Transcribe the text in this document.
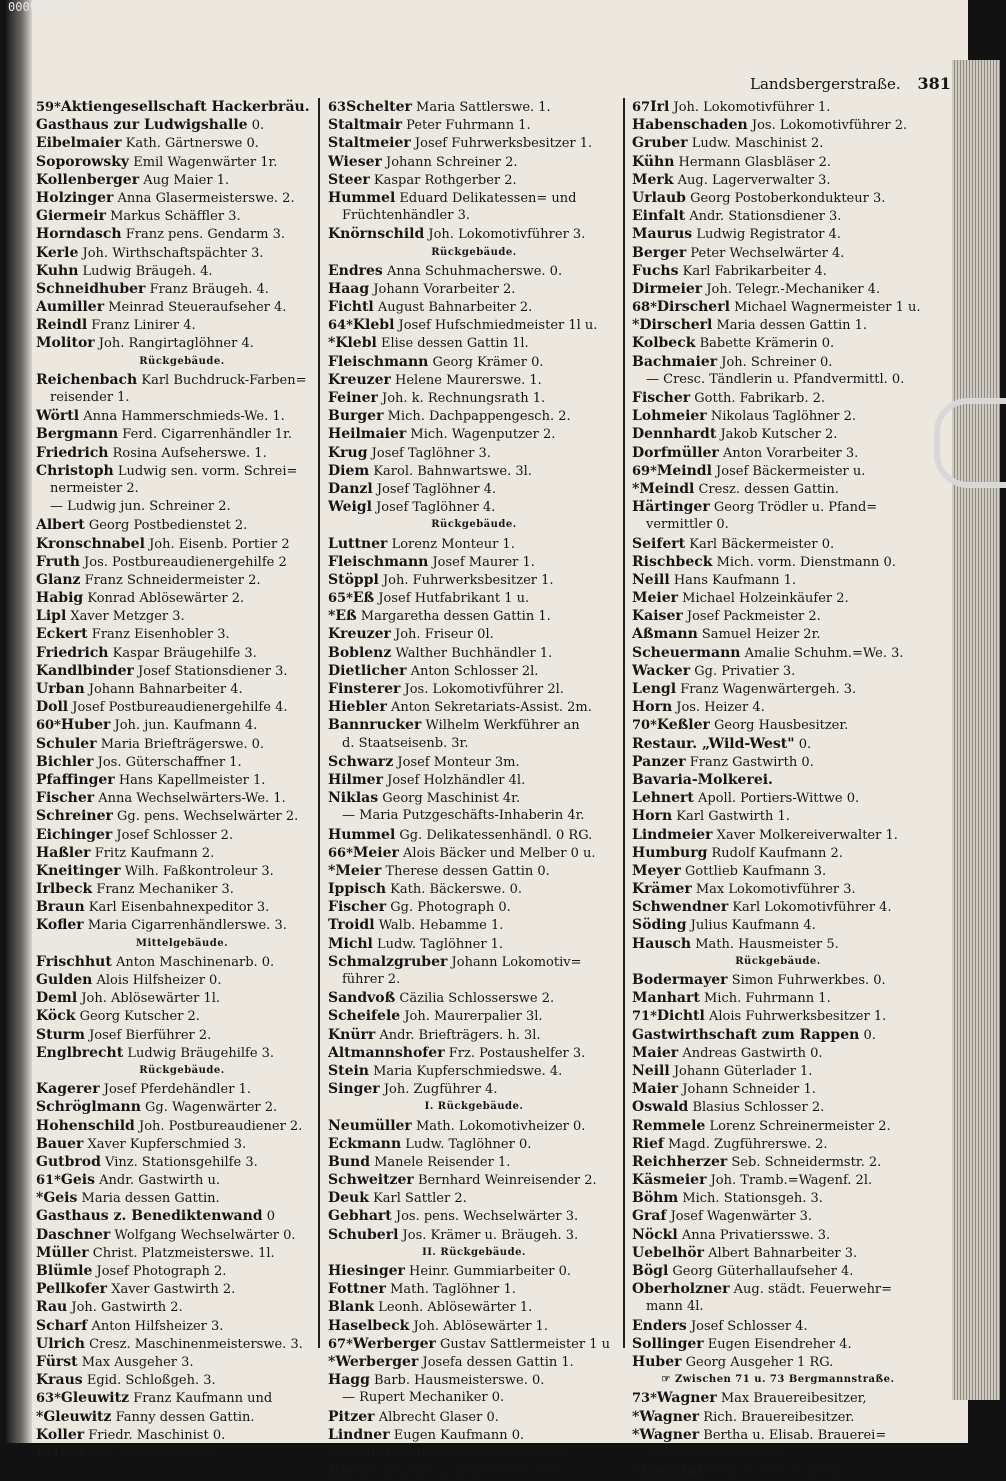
00092427
Landsbergerstraße. 381
59*Aktiengesellschaft Hackerbräu.
Gasthaus zur Ludwigshalle 0.
Eibelmaier Kath. Gärtnerswe 0.
Soporowsky Emil Wagenwärter 1r.
Kollenberger Aug Maier 1.
Holzinger Anna Glasermeisterswe. 2.
Giermeir Markus Schäffler 3.
Horndasch Franz pens. Gendarm 3.
Kerle Joh. Wirthschaftspächter 3.
Kuhn Ludwig Bräugeh. 4.
Schneidhuber Franz Bräugeh. 4.
Aumiller Meinrad Steueraufseher 4.
Reindl Franz Linirer 4.
Molitor Joh. Rangirtaglöhner 4.
Rückgebäude.
Reichenbach Karl Buchdruck-Farben=
reisender 1.
Wörtl Anna Hammerschmieds-We. 1.
Bergmann Ferd. Cigarrenhändler 1r.
Friedrich Rosina Aufseherswe. 1.
Christoph Ludwig sen. vorm. Schrei=
nermeister 2.
— Ludwig jun. Schreiner 2.
Albert Georg Postbedienstet 2.
Kronschnabel Joh. Eisenb. Portier 2
Fruth Jos. Postbureaudienergehilfe 2
Glanz Franz Schneidermeister 2.
Habig Konrad Ablösewärter 2.
Lipl Xaver Metzger 3.
Eckert Franz Eisenhobler 3.
Friedrich Kaspar Bräugehilfe 3.
Kandlbinder Josef Stationsdiener 3.
Urban Johann Bahnarbeiter 4.
Doll Josef Postbureaudienergehilfe 4.
60*Huber Joh. jun. Kaufmann 4.
Schuler Maria Briefträgerswe. 0.
Bichler Jos. Güterschaffner 1.
Pfaffinger Hans Kapellmeister 1.
Fischer Anna Wechselwärters-We. 1.
Schreiner Gg. pens. Wechselwärter 2.
Eichinger Josef Schlosser 2.
Haßler Fritz Kaufmann 2.
Kneitinger Wilh. Faßkontroleur 3.
Irlbeck Franz Mechaniker 3.
Braun Karl Eisenbahnexpeditor 3.
Kofler Maria Cigarrenhändlerswe. 3.
Mittelgebäude.
Frischhut Anton Maschinenarb. 0.
Gulden Alois Hilfsheizer 0.
Deml Joh. Ablösewärter 1l.
Köck Georg Kutscher 2.
Sturm Josef Bierführer 2.
Englbrecht Ludwig Bräugehilfe 3.
Rückgebäude.
Kagerer Josef Pferdehändler 1.
Schröglmann Gg. Wagenwärter 2.
Hohenschild Joh. Postbureaudiener 2.
Bauer Xaver Kupferschmied 3.
Gutbrod Vinz. Stationsgehilfe 3.
61*Geis Andr. Gastwirth u.
*Geis Maria dessen Gattin.
Gasthaus z. Benediktenwand 0
Daschner Wolfgang Wechselwärter 0.
Müller Christ. Platzmeisterswe. 1l.
Blümle Josef Photograph 2.
Pellkofer Xaver Gastwirth 2.
Rau Joh. Gastwirth 2.
Scharf Anton Hilfsheizer 3.
Ulrich Cresz. Maschinenmeisterswe. 3.
Fürst Max Ausgeher 3.
Kraus Egid. Schloßgeh. 3.
63*Gleuwitz Franz Kaufmann und
*Gleuwitz Fanny dessen Gattin.
Koller Friedr. Maschinist 0.
Priller Gg. Fabrikarbeiter 1.
63Schelter Maria Sattlerswe. 1.
Staltmair Peter Fuhrmann 1.
Staltmeier Josef Fuhrwerksbesitzer 1.
Wieser Johann Schreiner 2.
Steer Kaspar Rothgerber 2.
Hummel Eduard Delikatessen= und
Früchtenhändler 3.
Knörnschild Joh. Lokomotivführer 3.
Rückgebäude.
Endres Anna Schuhmacherswe. 0.
Haag Johann Vorarbeiter 2.
Fichtl August Bahnarbeiter 2.
64*Klebl Josef Hufschmiedmeister 1l u.
*Klebl Elise dessen Gattin 1l.
Fleischmann Georg Krämer 0.
Kreuzer Helene Maurerswe. 1.
Feiner Joh. k. Rechnungsrath 1.
Burger Mich. Dachpappengesch. 2.
Heilmaier Mich. Wagenputzer 2.
Krug Josef Taglöhner 3.
Diem Karol. Bahnwartswe. 3l.
Danzl Josef Taglöhner 4.
Weigl Josef Taglöhner 4.
Rückgebäude.
Luttner Lorenz Monteur 1.
Fleischmann Josef Maurer 1.
Stöppl Joh. Fuhrwerksbesitzer 1.
65*Eß Josef Hutfabrikant 1 u.
*Eß Margaretha dessen Gattin 1.
Kreuzer Joh. Friseur 0l.
Boblenz Walther Buchhändler 1.
Dietlicher Anton Schlosser 2l.
Finsterer Jos. Lokomotivführer 2l.
Hiebler Anton Sekretariats-Assist. 2m.
Bannrucker Wilhelm Werkführer an
d. Staatseisenb. 3r.
Schwarz Josef Monteur 3m.
Hilmer Josef Holzhändler 4l.
Niklas Georg Maschinist 4r.
— Maria Putzgeschäfts-Inhaberin 4r.
Hummel Gg. Delikatessenhändl. 0 RG.
66*Meier Alois Bäcker und Melber 0 u.
*Meier Therese dessen Gattin 0.
Ippisch Kath. Bäckerswe. 0.
Fischer Gg. Photograph 0.
Troidl Walb. Hebamme 1.
Michl Ludw. Taglöhner 1.
Schmalzgruber Johann Lokomotiv=
führer 2.
Sandvoß Cäzilia Schlosserswe 2.
Scheifele Joh. Maurerpalier 3l.
Knürr Andr. Briefträgers. h. 3l.
Altmannshofer Frz. Postaushelfer 3.
Stein Maria Kupferschmiedswe. 4.
Singer Joh. Zugführer 4.
I. Rückgebäude.
Neumüller Math. Lokomotivheizer 0.
Eckmann Ludw. Taglöhner 0.
Bund Manele Reisender 1.
Schweitzer Bernhard Weinreisender 2.
Deuk Karl Sattler 2.
Gebhart Jos. pens. Wechselwärter 3.
Schuberl Jos. Krämer u. Bräugeh. 3.
II. Rückgebäude.
Hiesinger Heinr. Gummiarbeiter 0.
Fottner Math. Taglöhner 1.
Blank Leonh. Ablösewärter 1.
Haselbeck Joh. Ablösewärter 1.
67*Werberger Gustav Sattlermeister 1 u
*Werberger Josefa dessen Gattin 1.
Hagg Barb. Hausmeisterswe. 0.
— Rupert Mechaniker 0.
Pitzer Albrecht Glaser 0.
Lindner Eugen Kaufmann 0.
Scheuermann Amalie Krämerin 0.
Bach Januarius Lokomotivführer 1.
67Irl Joh. Lokomotivführer 1.
Habenschaden Jos. Lokomotivführer 2.
Gruber Ludw. Maschinist 2.
Kühn Hermann Glasbläser 2.
Merk Aug. Lagerverwalter 3.
Urlaub Georg Postoberkondukteur 3.
Einfalt Andr. Stationsdiener 3.
Maurus Ludwig Registrator 4.
Berger Peter Wechselwärter 4.
Fuchs Karl Fabrikarbeiter 4.
Dirmeier Joh. Telegr.-Mechaniker 4.
68*Dirscherl Michael Wagnermeister 1 u.
*Dirscherl Maria dessen Gattin 1.
Kolbeck Babette Krämerin 0.
Bachmaier Joh. Schreiner 0.
— Cresc. Tändlerin u. Pfandvermittl. 0.
Fischer Gotth. Fabrikarb. 2.
Lohmeier Nikolaus Taglöhner 2.
Dennhardt Jakob Kutscher 2.
Dorfmüller Anton Vorarbeiter 3.
69*Meindl Josef Bäckermeister u.
*Meindl Cresz. dessen Gattin.
Härtinger Georg Trödler u. Pfand=
vermittler 0.
Seifert Karl Bäckermeister 0.
Rischbeck Mich. vorm. Dienstmann 0.
Neill Hans Kaufmann 1.
Meier Michael Holzeinkäufer 2.
Kaiser Josef Packmeister 2.
Aßmann Samuel Heizer 2r.
Scheuermann Amalie Schuhm.=We. 3.
Wacker Gg. Privatier 3.
Lengl Franz Wagenwärtergeh. 3.
Horn Jos. Heizer 4.
70*Keßler Georg Hausbesitzer.
Restaur. „Wild-West" 0.
Panzer Franz Gastwirth 0.
Bavaria-Molkerei.
Lehnert Apoll. Portiers-Wittwe 0.
Horn Karl Gastwirth 1.
Lindmeier Xaver Molkereiverwalter 1.
Humburg Rudolf Kaufmann 2.
Meyer Gottlieb Kaufmann 3.
Krämer Max Lokomotivführer 3.
Schwendner Karl Lokomotivführer 4.
Söding Julius Kaufmann 4.
Hausch Math. Hausmeister 5.
Rückgebäude.
Bodermayer Simon Fuhrwerkbes. 0.
Manhart Mich. Fuhrmann 1.
71*Dichtl Alois Fuhrwerksbesitzer 1.
Gastwirthschaft zum Rappen 0.
Maier Andreas Gastwirth 0.
Neill Johann Güterlader 1.
Maier Johann Schneider 1.
Oswald Blasius Schlosser 2.
Remmele Lorenz Schreinermeister 2.
Rief Magd. Zugführerswe. 2.
Reichherzer Seb. Schneidermstr. 2.
Käsmeier Joh. Tramb.=Wagenf. 2l.
Böhm Mich. Stationsgeh. 3.
Graf Josef Wagenwärter 3.
Nöckl Anna Privatiersswe. 3.
Uebelhör Albert Bahnarbeiter 3.
Bögl Georg Güterhallaufseher 4.
Oberholzner Aug. städt. Feuerwehr=
mann 4l.
Enders Josef Schlosser 4.
Sollinger Eugen Eisendreher 4.
Huber Georg Ausgeher 1 RG.
☞ Zwischen 71 u. 73 Bergmannstraße.
73*Wagner Max Brauereibesitzer,
*Wagner Rich. Brauereibesitzer.
*Wagner Bertha u. Elisab. Brauerei=
besitzerstochter und
*Trentini Sofie v. Priv.=Gattin.
